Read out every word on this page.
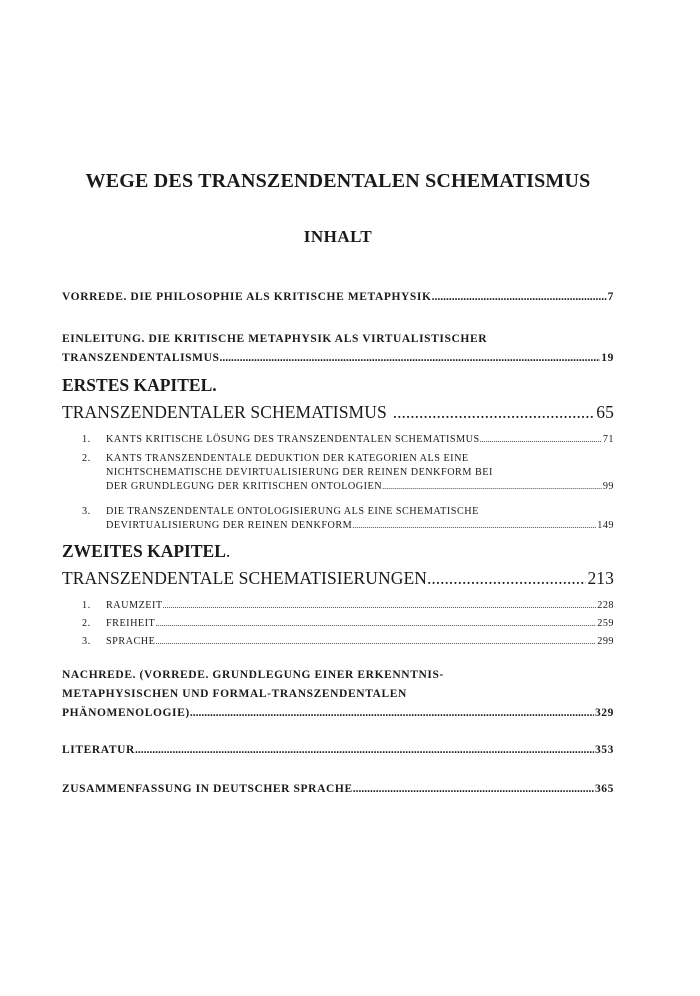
WEGE DES TRANSZENDENTALEN SCHEMATISMUS
INHALT
VORREDE. DIE PHILOSOPHIE ALS KRITISCHE METAPHYSIK .....	7
EINLEITUNG. DIE KRITISCHE METAPHYSIK ALS VIRTUALISTISCHER
TRANSZENDENTALISMUS .....	19
ERSTES KAPITEL.
TRANSZENDENTALER SCHEMATISMUS .....	65
1.	KANTS KRITISCHE LÖSUNG DES TRANSZENDENTALEN SCHEMATISMUS .....	71
2.	KANTS TRANSZENDENTALE DEDUKTION DER KATEGORIEN ALS EINE
NICHTSCHEMATISCHE DEVIRTUALISIERUNG DER REINEN DENKFORM BEI
DER GRUNDLEGUNG DER KRITISCHEN ONTOLOGIEN .....	99
3.	DIE TRANSZENDENTALE ONTOLOGISIERUNG ALS EINE SCHEMATISCHE
DEVIRTUALISIERUNG DER REINEN DENKFORM .....	149
ZWEITES KAPITEL.
TRANSZENDENTALE SCHEMATISIERUNGEN .....	213
1.	RAUMZEIT .....	228
2.	FREIHEIT .....	259
3.	SPRACHE .....	299
NACHREDE. (VORREDE. GRUNDLEGUNG EINER ERKENNTNIS-
METAPHYSISCHEN UND FORMAL-TRANSZENDENTALEN
PHÄNOMENOLOGIE) .....	329
LITERATUR .....	353
ZUSAMMENFASSUNG IN DEUTSCHER SPRACHE .....	365
